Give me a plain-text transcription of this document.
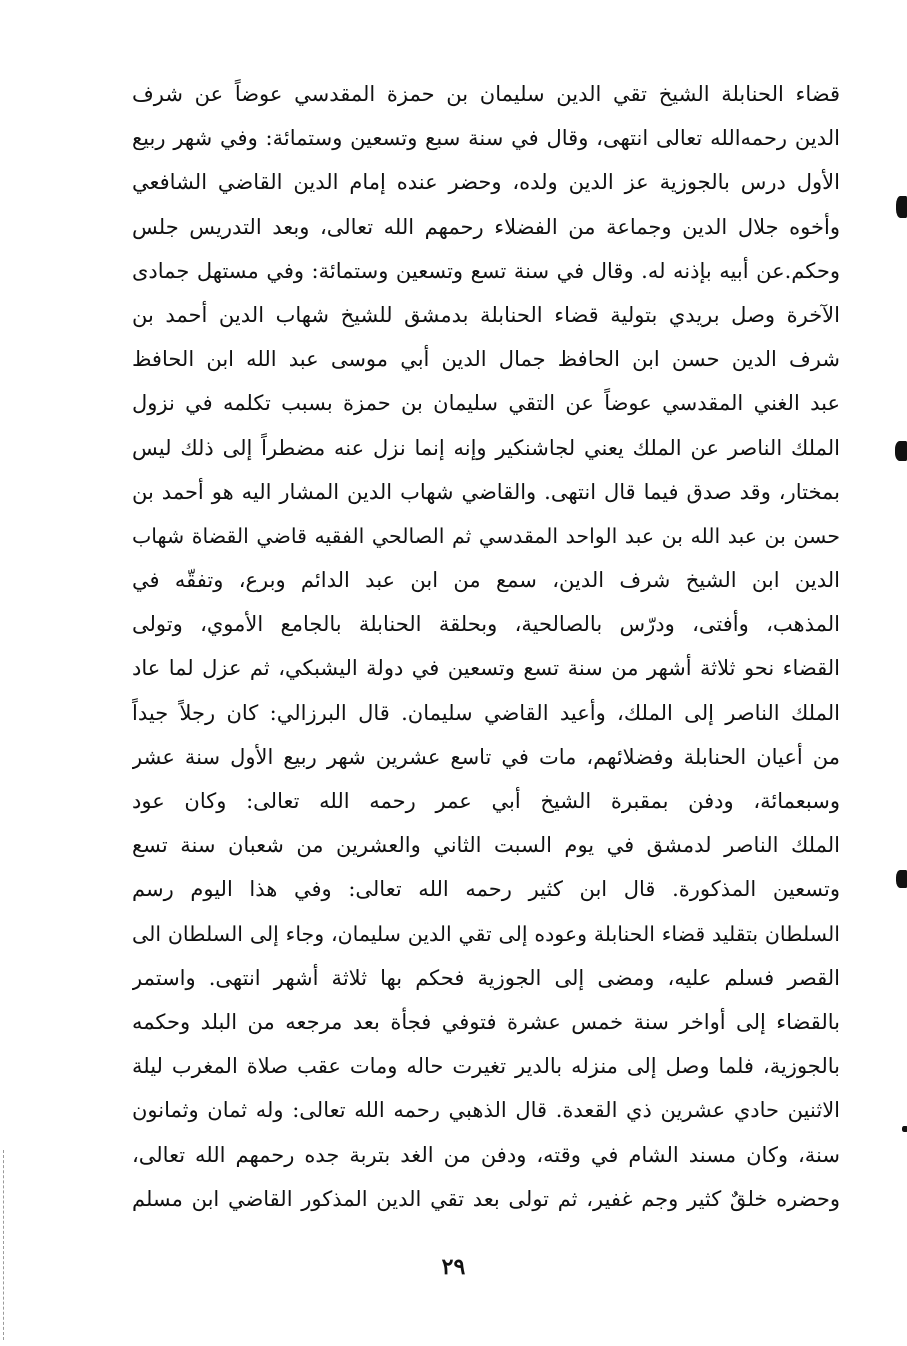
قضاء الحنابلة الشيخ تقي الدين سليمان بن حمزة المقدسي عوضاً عن شرف
الدين رحمه‌الله تعالى انتهى، وقال في سنة سبع وتسعين وستمائة: وفي شهر ربيع
الأول درس بالجوزية عز الدين ولده، وحضر عنده إمام الدين القاضي الشافعي
وأخوه جلال الدين وجماعة من الفضلاء رحمهم الله تعالى، وبعد التدريس جلس
وحكم.عن أبيه بإذنه له. وقال في سنة تسع وتسعين وستمائة: وفي مستهل جمادى
الآخرة وصل بريدي بتولية قضاء الحنابلة بدمشق للشيخ شهاب الدين أحمد بن
شرف الدين حسن ابن الحافظ جمال الدين أبي موسى عبد الله ابن الحافظ
عبد الغني المقدسي عوضاً عن التقي سليمان بن حمزة بسبب تكلمه في نزول
الملك الناصر عن الملك يعني لجاشنكير وإنه إنما نزل عنه مضطراً إلى ذلك ليس
بمختار، وقد صدق فيما قال انتهى. والقاضي شهاب الدين المشار اليه هو أحمد بن
حسن بن عبد الله بن عبد الواحد المقدسي ثم الصالحي الفقيه قاضي القضاة شهاب
الدين ابن الشيخ شرف الدين، سمع من ابن عبد الدائم وبرع، وتفقّه في
المذهب، وأفتى، ودرّس بالصالحية، وبحلقة الحنابلة بالجامع الأموي، وتولى
القضاء نحو ثلاثة أشهر من سنة تسع وتسعين في دولة اليشبكي، ثم عزل لما عاد
الملك الناصر إلى الملك، وأعيد القاضي سليمان. قال البرزالي: كان رجلاً جيداً
من أعيان الحنابلة وفضلائهم، مات في تاسع عشرين شهر ربيع الأول سنة عشر
وسبعمائة، ودفن بمقبرة الشيخ أبي عمر رحمه الله تعالى: وكان عود
الملك الناصر لدمشق في يوم السبت الثاني والعشرين من شعبان سنة تسع
وتسعين المذكورة. قال ابن كثير رحمه الله تعالى: وفي هذا اليوم رسم
السلطان بتقليد قضاء الحنابلة وعوده إلى تقي الدين سليمان، وجاء إلى السلطان الى
القصر فسلم عليه، ومضى إلى الجوزية فحكم بها ثلاثة أشهر انتهى. واستمر
بالقضاء إلى أواخر سنة خمس عشرة فتوفي فجأة بعد مرجعه من البلد وحكمه
بالجوزية، فلما وصل إلى منزله بالدير تغيرت حاله ومات عقب صلاة المغرب ليلة
الاثنين حادي عشرين ذي القعدة. قال الذهبي رحمه الله تعالى: وله ثمان وثمانون
سنة، وكان مسند الشام في وقته، ودفن من الغد بتربة جده رحمهم الله تعالى،
وحضره خلقٌ كثير وجم غفير، ثم تولى بعد تقي الدين المذكور القاضي ابن مسلم
٢٩
